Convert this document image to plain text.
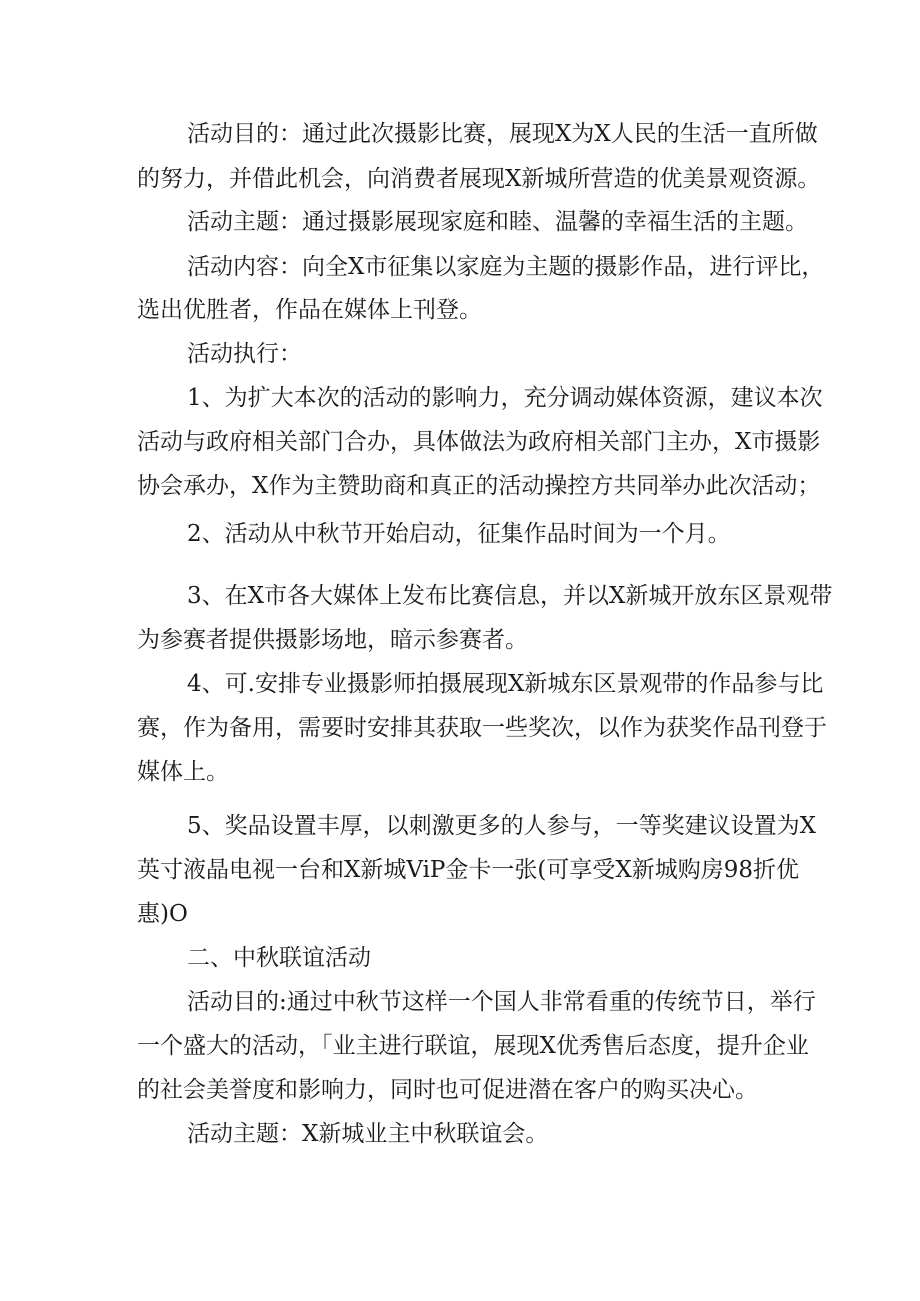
活动目的：通过此次摄影比赛，展现X为X人民的生活一直所做
的努力，并借此机会，向消费者展现X新城所营造的优美景观资源。
活动主题：通过摄影展现家庭和睦、温馨的幸福生活的主题。
活动内容：向全X市征集以家庭为主题的摄影作品，进行评比，
选出优胜者，作品在媒体上刊登。
活动执行：
1、为扩大本次的活动的影响力，充分调动媒体资源，建议本次
活动与政府相关部门合办，具体做法为政府相关部门主办，X市摄影
协会承办，X作为主赞助商和真正的活动操控方共同举办此次活动；
2、活动从中秋节开始启动，征集作品时间为一个月。
3、在X市各大媒体上发布比赛信息，并以X新城开放东区景观带
为参赛者提供摄影场地，暗示参赛者。
4、可.安排专业摄影师拍摄展现X新城东区景观带的作品参与比
赛，作为备用，需要时安排其获取一些奖次，以作为获奖作品刊登于
媒体上。
5、奖品设置丰厚，以刺激更多的人参与，一等奖建议设置为X
英寸液晶电视一台和X新城ViP金卡一张(可享受X新城购房98折优
惠)O
二、中秋联谊活动
活动目的:通过中秋节这样一个国人非常看重的传统节日，举行
一个盛大的活动，「业主进行联谊，展现X优秀售后态度，提升企业
的社会美誉度和影响力，同时也可促进潜在客户的购买决心。
活动主题：X新城业主中秋联谊会。
